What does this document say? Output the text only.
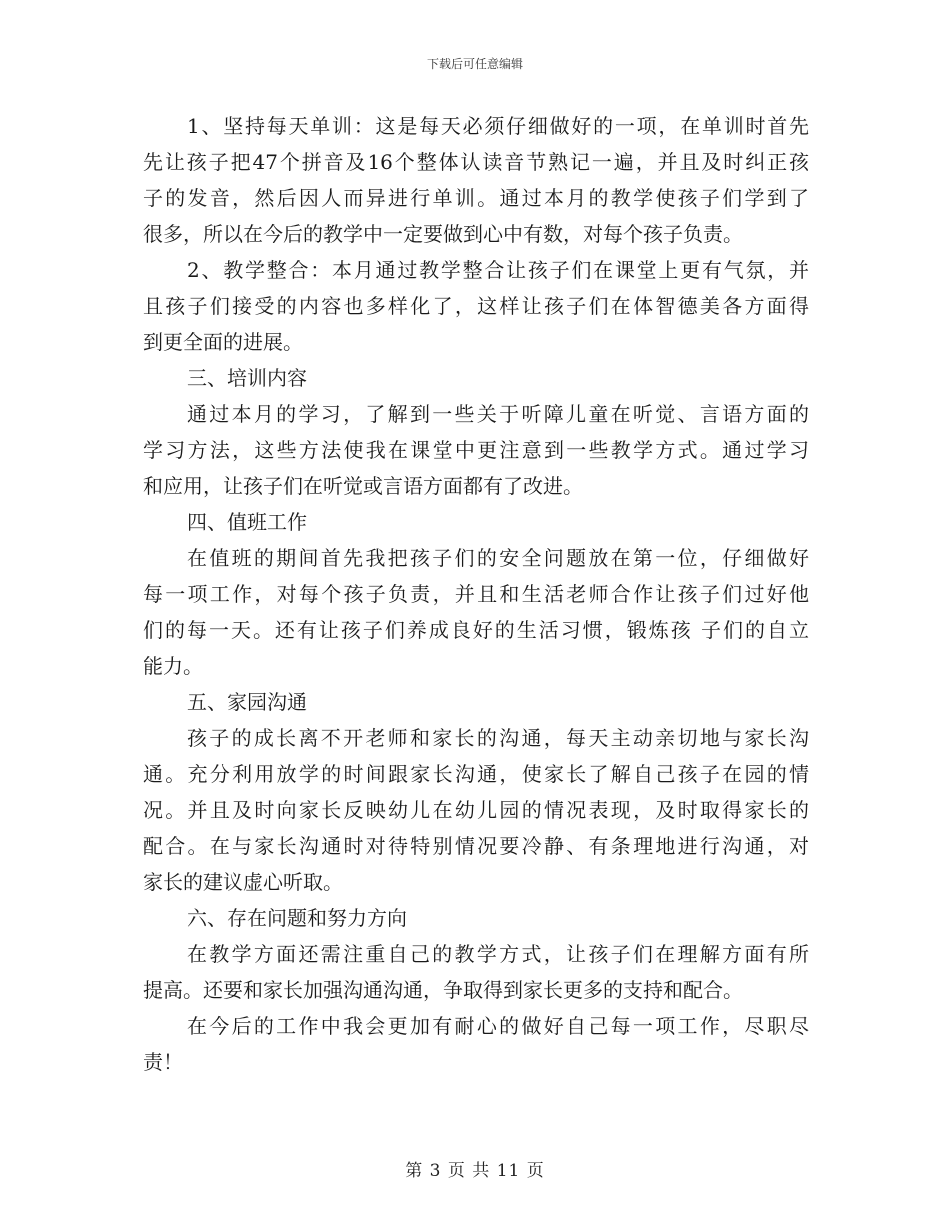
下载后可任意编辑
1、坚持每天单训：这是每天必须仔细做好的一项，在单训时首先
先让孩子把47个拼音及16个整体认读音节熟记一遍，并且及时纠正孩
子的发音，然后因人而异进行单训。通过本月的教学使孩子们学到了
很多，所以在今后的教学中一定要做到心中有数，对每个孩子负责。
2、教学整合：本月通过教学整合让孩子们在课堂上更有气氛，并
且孩子们接受的内容也多样化了，这样让孩子们在体智德美各方面得
到更全面的进展。
三、培训内容
通过本月的学习，了解到一些关于听障儿童在听觉、言语方面的
学习方法，这些方法使我在课堂中更注意到一些教学方式。通过学习
和应用，让孩子们在听觉或言语方面都有了改进。
四、值班工作
在值班的期间首先我把孩子们的安全问题放在第一位，仔细做好
每一项工作，对每个孩子负责，并且和生活老师合作让孩子们过好他
们的每一天。还有让孩子们养成良好的生活习惯，锻炼孩 子们的自立
能力。
五、家园沟通
孩子的成长离不开老师和家长的沟通，每天主动亲切地与家长沟
通。充分利用放学的时间跟家长沟通，使家长了解自己孩子在园的情
况。并且及时向家长反映幼儿在幼儿园的情况表现，及时取得家长的
配合。在与家长沟通时对待特别情况要冷静、有条理地进行沟通，对
家长的建议虚心听取。
六、存在问题和努力方向
在教学方面还需注重自己的教学方式，让孩子们在理解方面有所
提高。还要和家长加强沟通沟通，争取得到家长更多的支持和配合。
在今后的工作中我会更加有耐心的做好自己每一项工作，尽职尽
责！
第 3 页 共 11 页
